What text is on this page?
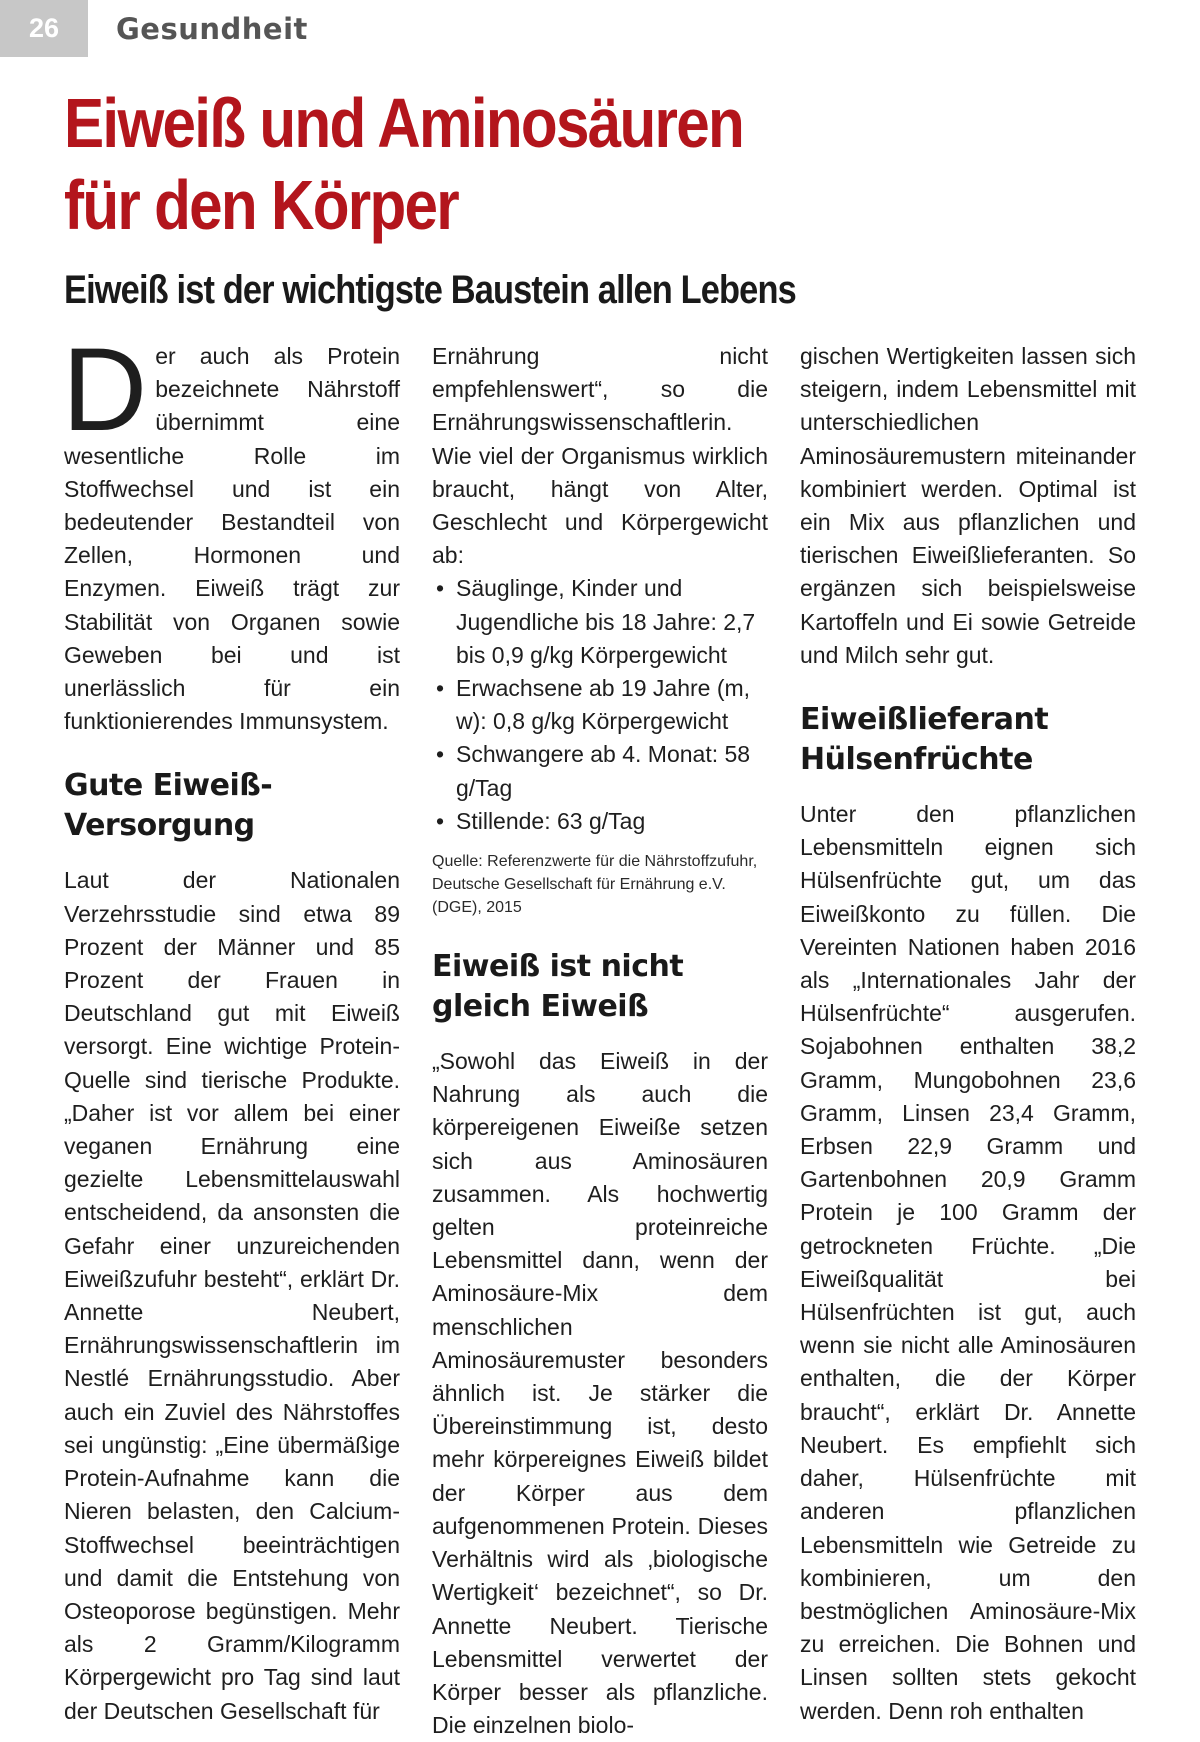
26	Gesundheit
Eiweiß und Aminosäuren
für den Körper
Eiweiß ist der wichtigste Baustein allen Lebens

Der auch als Protein bezeichnete Nährstoff übernimmt eine wesentliche Rolle im Stoffwechsel und ist ein bedeutender Bestandteil von Zellen, Hormonen und Enzymen. Eiweiß trägt zur Stabilität von Organen sowie Geweben bei und ist unerlässlich für ein funktionierendes Immunsystem.

Gute Eiweiß-Versorgung

Laut der Nationalen Verzehrsstudie sind etwa 89 Prozent der Männer und 85 Prozent der Frauen in Deutschland gut mit Eiweiß versorgt. Eine wichtige Protein-Quelle sind tierische Produkte. „Daher ist vor allem bei einer veganen Ernährung eine gezielte Lebensmittelauswahl entscheidend, da ansonsten die Gefahr einer unzureichenden Eiweißzufuhr besteht“, erklärt Dr. Annette Neubert, Ernährungswissenschaftlerin im Nestlé Ernährungsstudio. Aber auch ein Zuviel des Nährstoffes sei ungünstig: „Eine übermäßige Protein-Aufnahme kann die Nieren belasten, den Calcium-Stoffwechsel beeinträchtigen und damit die Entstehung von Osteoporose begünstigen. Mehr als 2 Gramm/Kilogramm Körpergewicht pro Tag sind laut der Deutschen Gesellschaft für

Ernährung nicht empfehlenswert“, so die Ernährungswissenschaftlerin. Wie viel der Organismus wirklich braucht, hängt von Alter, Geschlecht und Körpergewicht ab:

• Säuglinge, Kinder und Jugendliche bis 18 Jahre: 2,7 bis 0,9 g/kg Körpergewicht
• Erwachsene ab 19 Jahre (m, w): 0,8 g/kg Körpergewicht
• Schwangere ab 4. Monat: 58 g/Tag
• Stillende: 63 g/Tag

Quelle: Referenzwerte für die Nährstoffzufuhr, Deutsche Gesellschaft für Ernährung e.V. (DGE), 2015

Eiweiß ist nicht gleich Eiweiß

„Sowohl das Eiweiß in der Nahrung als auch die körpereigenen Eiweiße setzen sich aus Aminosäuren zusammen. Als hochwertig gelten proteinreiche Lebensmittel dann, wenn der Aminosäure-Mix dem menschlichen Aminosäuremuster besonders ähnlich ist. Je stärker die Übereinstimmung ist, desto mehr körpereignes Eiweiß bildet der Körper aus dem aufgenommenen Protein. Dieses Verhältnis wird als ‚biologische Wertigkeit‘ bezeichnet“, so Dr. Annette Neubert. Tierische Lebensmittel verwertet der Körper besser als pflanzliche. Die einzelnen biolo-

gischen Wertigkeiten lassen sich steigern, indem Lebensmittel mit unterschiedlichen Aminosäuremustern miteinander kombiniert werden. Optimal ist ein Mix aus pflanzlichen und tierischen Eiweißlieferanten. So ergänzen sich beispielsweise Kartoffeln und Ei sowie Getreide und Milch sehr gut.

Eiweißlieferant Hülsenfrüchte

Unter den pflanzlichen Lebensmitteln eignen sich Hülsenfrüchte gut, um das Eiweißkonto zu füllen. Die Vereinten Nationen haben 2016 als „Internationales Jahr der Hülsenfrüchte“ ausgerufen. Sojabohnen enthalten 38,2 Gramm, Mungobohnen 23,6 Gramm, Linsen 23,4 Gramm, Erbsen 22,9 Gramm und Gartenbohnen 20,9 Gramm Protein je 100 Gramm der getrockneten Früchte. „Die Eiweißqualität bei Hülsenfrüchten ist gut, auch wenn sie nicht alle Aminosäuren enthalten, die der Körper braucht“, erklärt Dr. Annette Neubert. Es empfiehlt sich daher, Hülsenfrüchte mit anderen pflanzlichen Lebensmitteln wie Getreide zu kombinieren, um den bestmöglichen Aminosäure-Mix zu erreichen. Die Bohnen und Linsen sollten stets gekocht werden. Denn roh enthalten
